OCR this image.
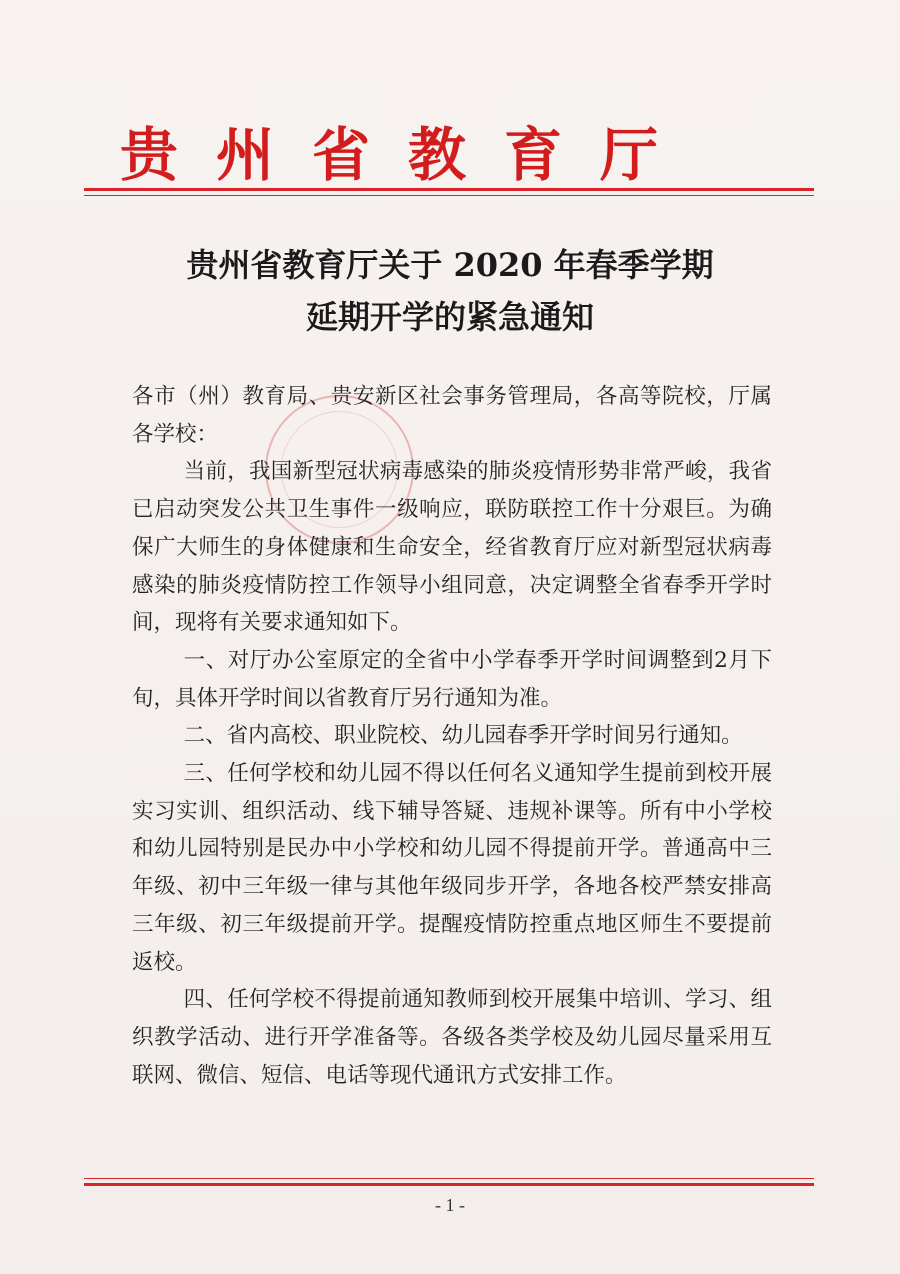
贵州省教育厅
贵州省教育厅关于 2020 年春季学期
延期开学的紧急通知

各市（州）教育局、贵安新区社会事务管理局，各高等院校，厅属各学校：

当前，我国新型冠状病毒感染的肺炎疫情形势非常严峻，我省已启动突发公共卫生事件一级响应，联防联控工作十分艰巨。为确保广大师生的身体健康和生命安全，经省教育厅应对新型冠状病毒感染的肺炎疫情防控工作领导小组同意，决定调整全省春季开学时间，现将有关要求通知如下。

一、对厅办公室原定的全省中小学春季开学时间调整到2月下旬，具体开学时间以省教育厅另行通知为准。

二、省内高校、职业院校、幼儿园春季开学时间另行通知。

三、任何学校和幼儿园不得以任何名义通知学生提前到校开展实习实训、组织活动、线下辅导答疑、违规补课等。所有中小学校和幼儿园特别是民办中小学校和幼儿园不得提前开学。普通高中三年级、初中三年级一律与其他年级同步开学，各地各校严禁安排高三年级、初三年级提前开学。提醒疫情防控重点地区师生不要提前返校。

四、任何学校不得提前通知教师到校开展集中培训、学习、组织教学活动、进行开学准备等。各级各类学校及幼儿园尽量采用互联网、微信、短信、电话等现代通讯方式安排工作。

- 1 -
